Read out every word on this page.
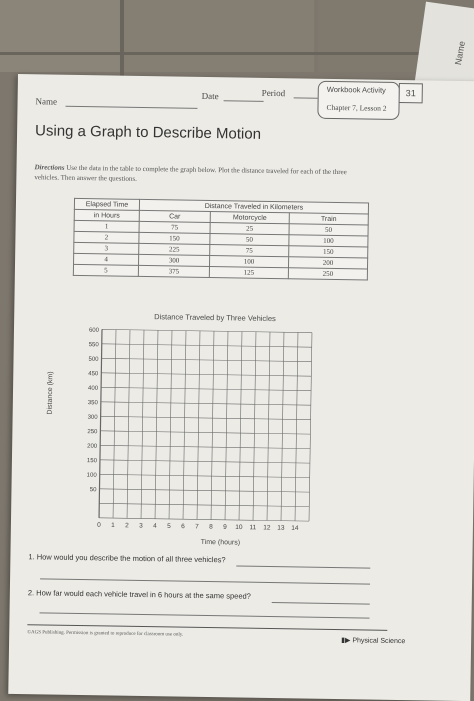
Name
Name
Date	Period	Workbook Activity
Chapter 7, Lesson 2
31
Using a Graph to Describe Motion
Directions Use the data in the table to complete the graph below. Plot the distance traveled for each of the three vehicles. Then answer the questions.
Elapsed Time	Distance Traveled in Kilometers		
in Hours	Car	Motorcycle	Train
1	75	25	50
2	150	50	100
3	225	75	150
4	300	100	200
5	375	125	250
Distance Traveled by Three Vehicles
Distance (km)
600
550
500
450
400
350
300
250
200
150
100
50
0 1 2 3 4 5 6 7 8 9 10 11 12 13 14
Time (hours)
1. How would you describe the motion of all three vehicles?
2. How far would each vehicle travel in 6 hours at the same speed?
©AGS Publishing. Permission is granted to reproduce for classroom use only.
▮▶ Physical Science
